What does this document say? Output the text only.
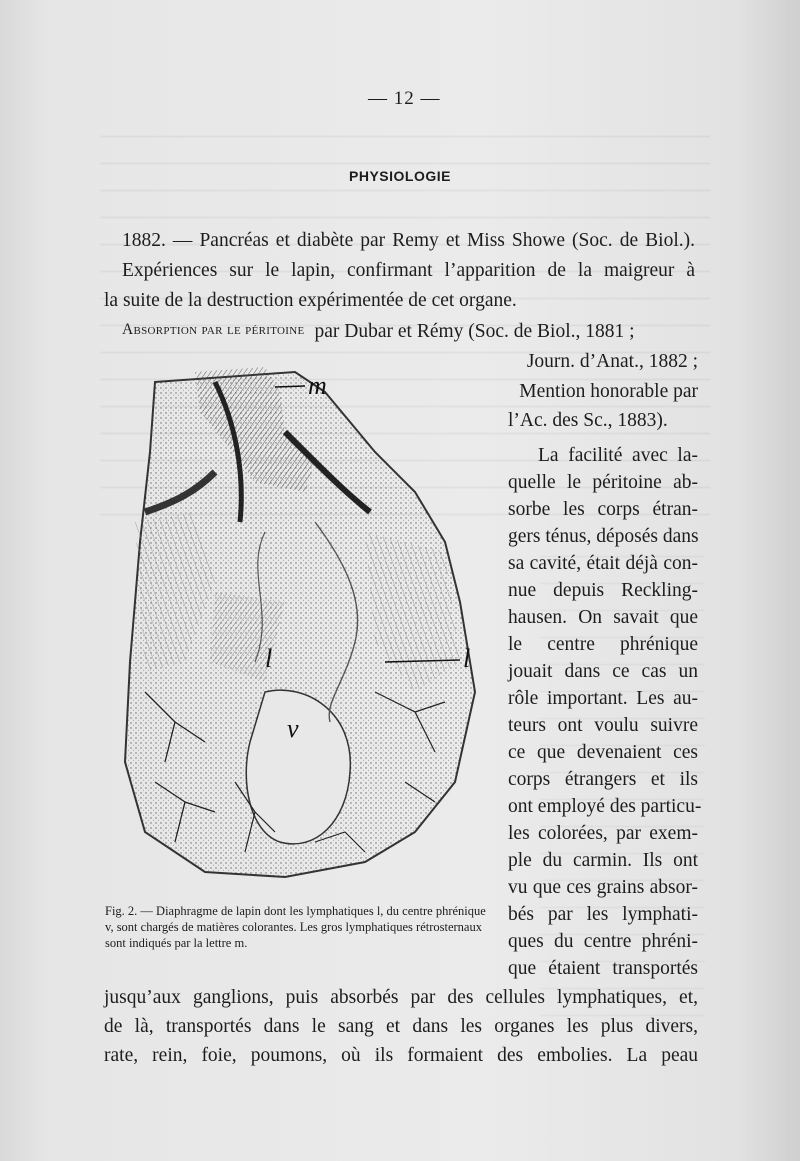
— 12 —
PHYSIOLOGIE
1882. — Pancréas et diabète par Remy et Miss Showe (Soc. de Biol.).
Expériences sur le lapin, confirmant l’apparition de la maigreur à
la suite de la destruction expérimentée de cet organe.
Absorption par le péritoine par Dubar et Rémy (Soc. de Biol., 1881 ;
Journ. d’Anat., 1882 ;
Mention honorable par
l’Ac. des Sc., 1883).
La facilité avec la-
quelle le péritoine ab-
sorbe les corps étran-
gers ténus, déposés dans
sa cavité, était déjà con-
nue depuis Reckling-
hausen. On savait que
le centre phrénique
jouait dans ce cas un
rôle important. Les au-
teurs ont voulu suivre
ce que devenaient ces
corps étrangers et ils
ont employé des particu-
les colorées, par exem-
ple du carmin. Ils ont
vu que ces grains absor-
bés par les lymphati-
ques du centre phréni-
que étaient transportés
jusqu’aux ganglions, puis absorbés par des cellules lymphatiques, et,
de là, transportés dans le sang et dans les organes les plus divers,
rate, rein, foie, poumons, où ils formaient des embolies. La peau
m
l	l
v
Fig. 2. — Diaphragme de lapin dont les lymphatiques l, du centre phrénique v, sont chargés de matières colorantes. Les gros lymphatiques rétrosternaux sont indiqués par la lettre m.
